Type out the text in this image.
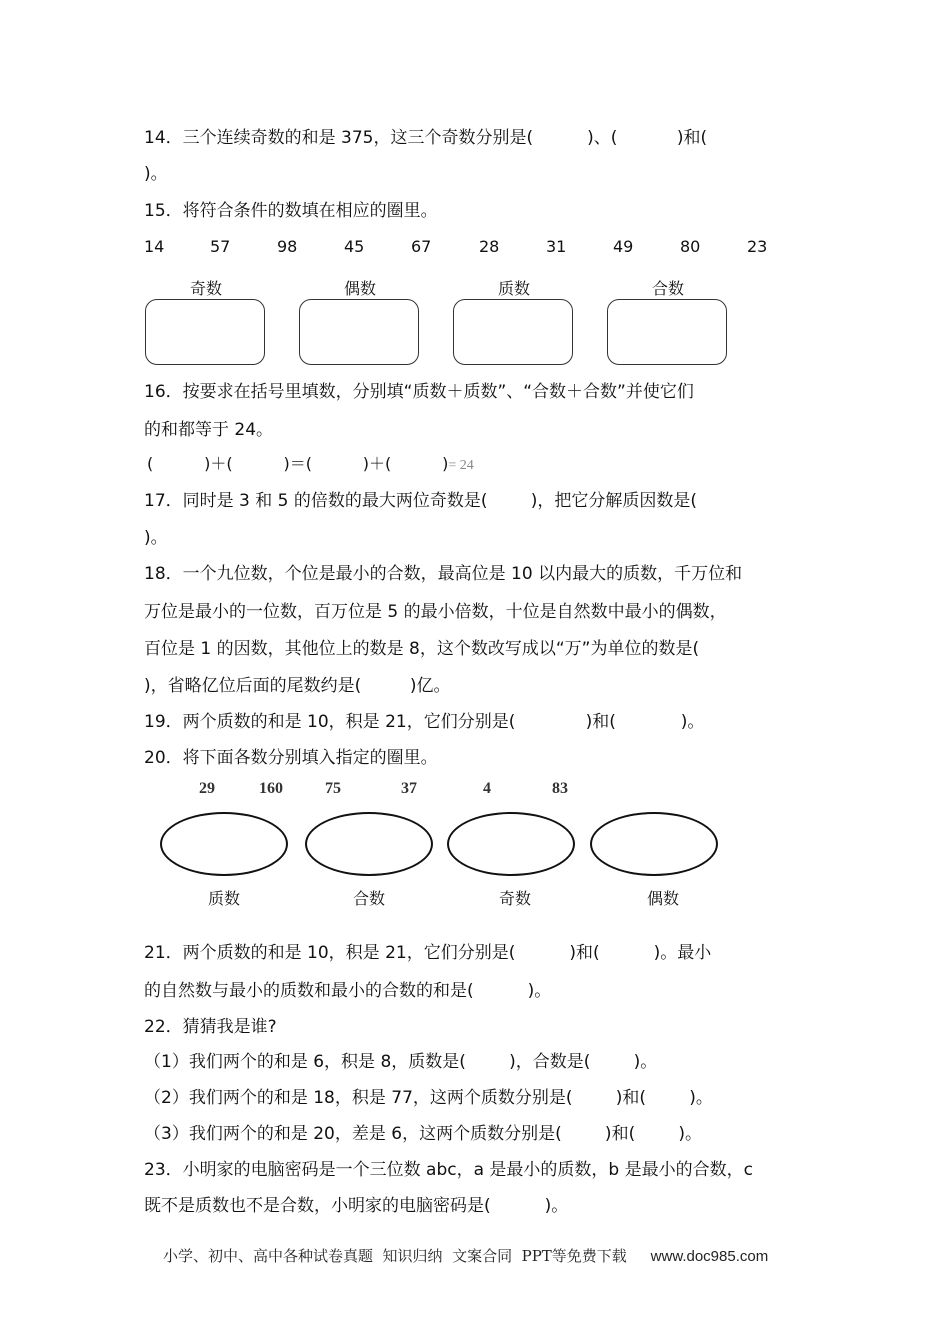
14．三个连续奇数的和是 375，这三个奇数分别是(          )、(           )和(
)。
15．将符合条件的数填在相应的圈里。
14	57	98	45	67	28	31	49	80	23
奇数	偶数	质数	合数
16．按要求在括号里填数，分别填“质数＋质数”、“合数＋合数”并使它们
的和都等于 24。
(          )＋(          )＝(          )＋(          )= 24
17．同时是 3 和 5 的倍数的最大两位奇数是(        )，把它分解质因数是(
)。
18．一个九位数，个位是最小的合数，最高位是 10 以内最大的质数，千万位和
万位是最小的一位数，百万位是 5 的最小倍数，十位是自然数中最小的偶数，
百位是 1 的因数，其他位上的数是 8，这个数改写成以“万”为单位的数是(
)，省略亿位后面的尾数约是(         )亿。
19．两个质数的和是 10，积是 21，它们分别是(             )和(            )。
20．将下面各数分别填入指定的圈里。
29	160	75	37	4	83
质数	合数	奇数	偶数
21．两个质数的和是 10，积是 21，它们分别是(          )和(          )。最小
的自然数与最小的质数和最小的合数的和是(          )。
22．猜猜我是谁?
（1）我们两个的和是 6，积是 8，质数是(        )，合数是(        )。
（2）我们两个的和是 18，积是 77，这两个质数分别是(        )和(        )。
（3）我们两个的和是 20，差是 6，这两个质数分别是(        )和(        )。
23．小明家的电脑密码是一个三位数 abc，a 是最小的质数，b 是最小的合数，c
既不是质数也不是合数，小明家的电脑密码是(          )。
小学、初中、高中各种试卷真题  知识归纳  文案合同  PPT等免费下载 www.doc985.com
